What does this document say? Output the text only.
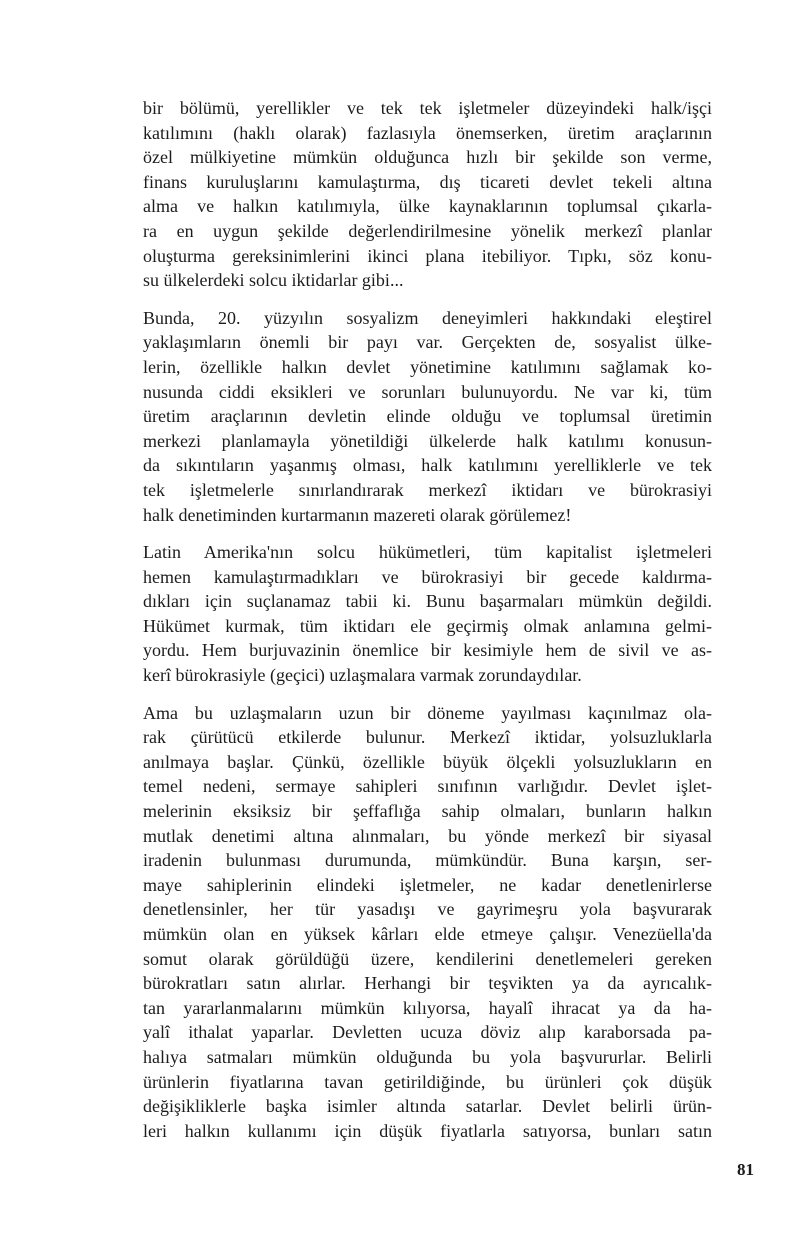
bir bölümü, yerellikler ve tek tek işletmeler düzeyindeki halk/işçi
katılımını (haklı olarak) fazlasıyla önemserken, üretim araçlarının
özel mülkiyetine mümkün olduğunca hızlı bir şekilde son verme,
finans kuruluşlarını kamulaştırma, dış ticareti devlet tekeli altına
alma ve halkın katılımıyla, ülke kaynaklarının toplumsal çıkarla-
ra en uygun şekilde değerlendirilmesine yönelik merkezî planlar
oluşturma gereksinimlerini ikinci plana itebiliyor. Tıpkı, söz konu-
su ülkelerdeki solcu iktidarlar gibi...
Bunda, 20. yüzyılın sosyalizm deneyimleri hakkındaki eleştirel
yaklaşımların önemli bir payı var. Gerçekten de, sosyalist ülke-
lerin, özellikle halkın devlet yönetimine katılımını sağlamak ko-
nusunda ciddi eksikleri ve sorunları bulunuyordu. Ne var ki, tüm
üretim araçlarının devletin elinde olduğu ve toplumsal üretimin
merkezi planlamayla yönetildiği ülkelerde halk katılımı konusun-
da sıkıntıların yaşanmış olması, halk katılımını yerelliklerle ve tek
tek işletmelerle sınırlandırarak merkezî iktidarı ve bürokrasiyi
halk denetiminden kurtarmanın mazereti olarak görülemez!
Latin Amerika'nın solcu hükümetleri, tüm kapitalist işletmeleri
hemen kamulaştırmadıkları ve bürokrasiyi bir gecede kaldırma-
dıkları için suçlanamaz tabii ki. Bunu başarmaları mümkün değildi.
Hükümet kurmak, tüm iktidarı ele geçirmiş olmak anlamına gelmi-
yordu. Hem burjuvazinin önemlice bir kesimiyle hem de sivil ve as-
kerî bürokrasiyle (geçici) uzlaşmalara varmak zorundaydılar.
Ama bu uzlaşmaların uzun bir döneme yayılması kaçınılmaz ola-
rak çürütücü etkilerde bulunur. Merkezî iktidar, yolsuzluklarla
anılmaya başlar. Çünkü, özellikle büyük ölçekli yolsuzlukların en
temel nedeni, sermaye sahipleri sınıfının varlığıdır. Devlet işlet-
melerinin eksiksiz bir şeffaflığa sahip olmaları, bunların halkın
mutlak denetimi altına alınmaları, bu yönde merkezî bir siyasal
iradenin bulunması durumunda, mümkündür. Buna karşın, ser-
maye sahiplerinin elindeki işletmeler, ne kadar denetlenirlerse
denetlensinler, her tür yasadışı ve gayrimeşru yola başvurarak
mümkün olan en yüksek kârları elde etmeye çalışır. Venezüella'da
somut olarak görüldüğü üzere, kendilerini denetlemeleri gereken
bürokratları satın alırlar. Herhangi bir teşvikten ya da ayrıcalık-
tan yararlanmalarını mümkün kılıyorsa, hayalî ihracat ya da ha-
yalî ithalat yaparlar. Devletten ucuza döviz alıp karaborsada pa-
halıya satmaları mümkün olduğunda bu yola başvururlar. Belirli
ürünlerin fiyatlarına tavan getirildiğinde, bu ürünleri çok düşük
değişikliklerle başka isimler altında satarlar. Devlet belirli ürün-
leri halkın kullanımı için düşük fiyatlarla satıyorsa, bunları satın
81
